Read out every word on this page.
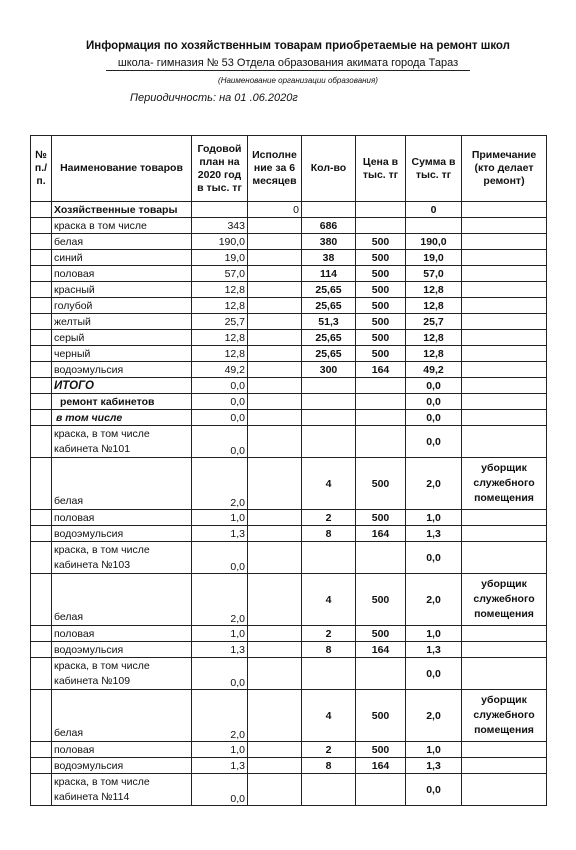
Информация по хозяйственным товарам приобретаемые на ремонт школ
школа- гимназия № 53 Отдела образования акимата города Тараз
(Наименование организации образования)
Периодичность: на 01 .06.2020г
№ п./п.	Наименование товаров	Годовой план на 2020 год в тыс. тг	Исполне ние за 6 месяцев	Кол-во	Цена в тыс. тг	Сумма в тыс. тг	Примечание (кто делает ремонт)
	Хозяйственные товары		0			0	
	краска в том числе	343		686			
	белая	190,0		380	500	190,0	
	синий	19,0		38	500	19,0	
	половая	57,0		114	500	57,0	
	красный	12,8		25,65	500	12,8	
	голубой	12,8		25,65	500	12,8	
	желтый	25,7		51,3	500	25,7	
	серый	12,8		25,65	500	12,8	
	черный	12,8		25,65	500	12,8	
	водоэмульсия	49,2		300	164	49,2	
	ИТОГО	0,0				0,0	
	ремонт кабинетов	0,0				0,0	
	в том числе	0,0				0,0	
	краска, в том числе кабинета №101	0,0				0,0	
	белая	2,0		4	500	2,0	уборщик служебного помещения
	половая	1,0		2	500	1,0	
	водоэмульсия	1,3		8	164	1,3	
	краска, в том числе кабинета №103	0,0				0,0	
	белая	2,0		4	500	2,0	уборщик служебного помещения
	половая	1,0		2	500	1,0	
	водоэмульсия	1,3		8	164	1,3	
	краска, в том числе кабинета №109	0,0				0,0	
	белая	2,0		4	500	2,0	уборщик служебного помещения
	половая	1,0		2	500	1,0	
	водоэмульсия	1,3		8	164	1,3	
	краска, в том числе кабинета №114	0,0				0,0	
